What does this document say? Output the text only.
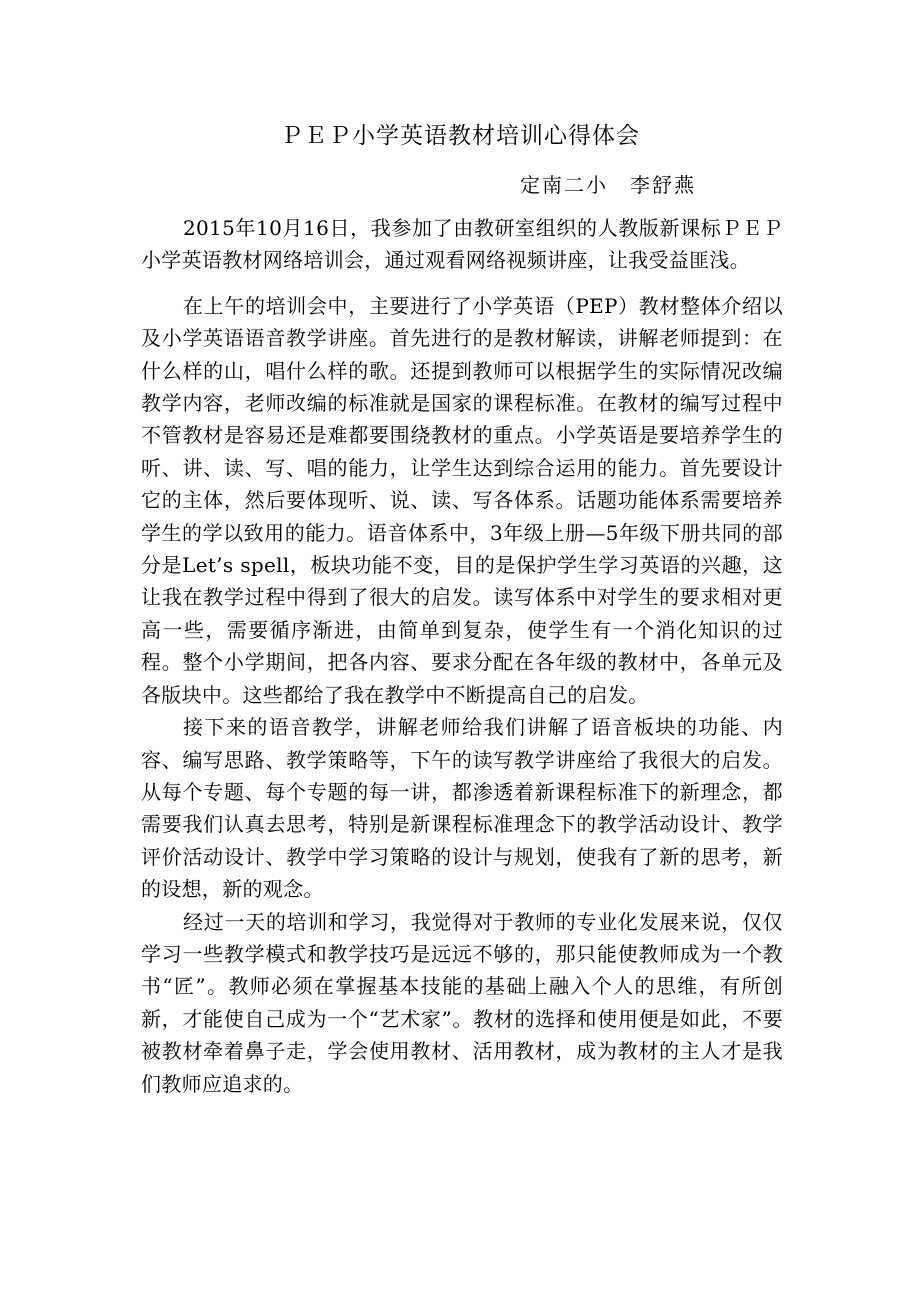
ＰＥＰ小学英语教材培训心得体会
定南二小　李舒燕

2015年10月16日，我参加了由教研室组织的人教版新课标ＰＥＰ小学英语教材网络培训会，通过观看网络视频讲座，让我受益匪浅。

在上午的培训会中，主要进行了小学英语（PEP）教材整体介绍以及小学英语语音教学讲座。首先进行的是教材解读，讲解老师提到：在什么样的山，唱什么样的歌。还提到教师可以根据学生的实际情况改编教学内容，老师改编的标准就是国家的课程标准。在教材的编写过程中不管教材是容易还是难都要围绕教材的重点。小学英语是要培养学生的听、讲、读、写、唱的能力，让学生达到综合运用的能力。首先要设计它的主体，然后要体现听、说、读、写各体系。话题功能体系需要培养学生的学以致用的能力。语音体系中，3年级上册—5年级下册共同的部分是Let’s spell，板块功能不变，目的是保护学生学习英语的兴趣，这让我在教学过程中得到了很大的启发。读写体系中对学生的要求相对更高一些，需要循序渐进，由简单到复杂，使学生有一个消化知识的过程。整个小学期间，把各内容、要求分配在各年级的教材中，各单元及各版块中。这些都给了我在教学中不断提高自己的启发。

接下来的语音教学，讲解老师给我们讲解了语音板块的功能、内容、编写思路、教学策略等，下午的读写教学讲座给了我很大的启发。从每个专题、每个专题的每一讲，都渗透着新课程标准下的新理念，都需要我们认真去思考，特别是新课程标准理念下的教学活动设计、教学评价活动设计、教学中学习策略的设计与规划，使我有了新的思考，新的设想，新的观念。

经过一天的培训和学习，我觉得对于教师的专业化发展来说，仅仅学习一些教学模式和教学技巧是远远不够的，那只能使教师成为一个教书“匠”。教师必须在掌握基本技能的基础上融入个人的思维，有所创新，才能使自己成为一个“艺术家”。教材的选择和使用便是如此，不要被教材牵着鼻子走，学会使用教材、活用教材，成为教材的主人才是我们教师应追求的。
